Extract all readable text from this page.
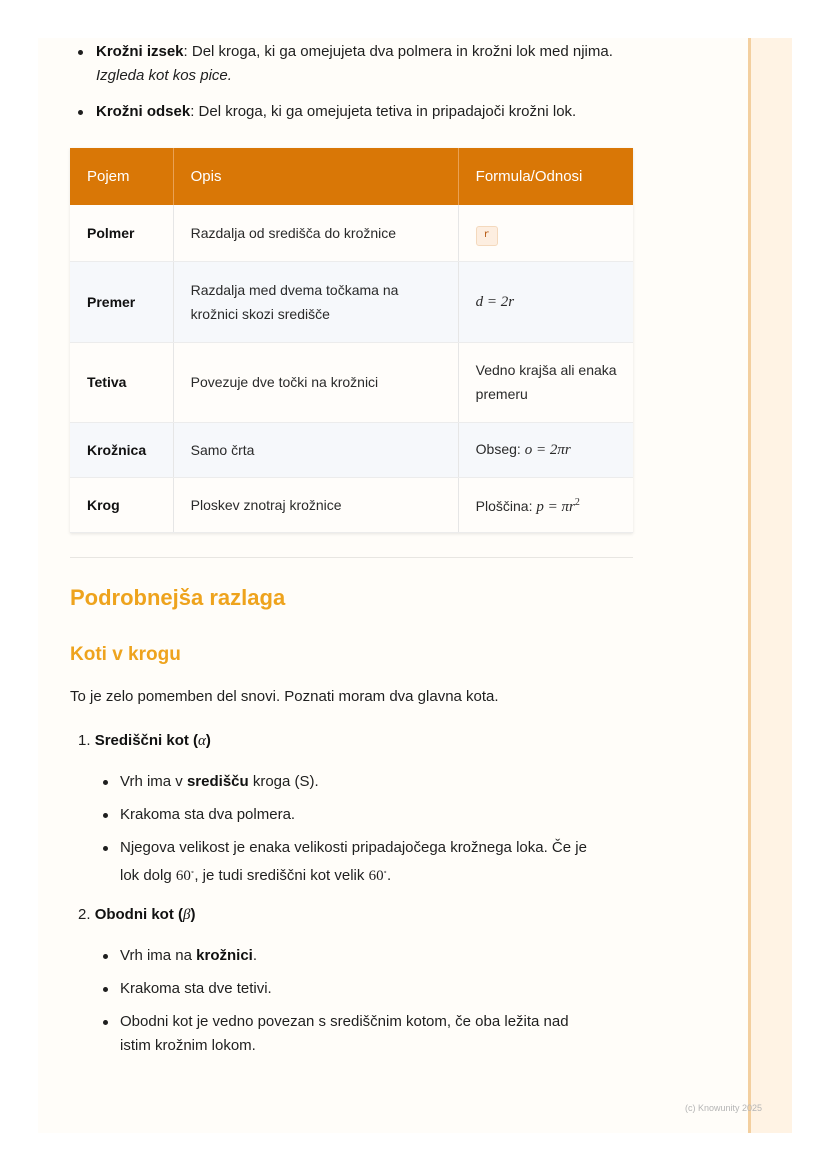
Krožni izsek: Del kroga, ki ga omejujeta dva polmera in krožni lok med njima. Izgleda kot kos pice.
Krožni odsek: Del kroga, ki ga omejujeta tetiva in pripadajoči krožni lok.
Pojem	Opis	Formula/Odnosi
Polmer	Razdalja od središča do krožnice	r
Premer	Razdalja med dvema točkama na krožnici skozi središče	d = 2r
Tetiva	Povezuje dve točki na krožnici	Vedno krajša ali enaka premeru
Krožnica	Samo črta	Obseg: o = 2πr
Krog	Ploskev znotraj krožnice	Ploščina: $p = \pi r^2$
Podrobnejša razlaga
Koti v krogu

To je zelo pomemben del snovi. Poznati moram dva glavna kota.

1. Središčni kot (α)
Vrh ima v središču kroga (S).
Krakoma sta dva polmera.
Njegova velikost je enaka velikosti pripadajočega krožnega loka. Če je
lok dolg 60∘, je tudi središčni kot velik 60∘.
2. Obodni kot (β)
Vrh ima na krožnici.
Krakoma sta dve tetivi.
Obodni kot je vedno povezan s središčnim kotom, če oba ležita nad
istim krožnim lokom.
(c) Knowunity 2025
